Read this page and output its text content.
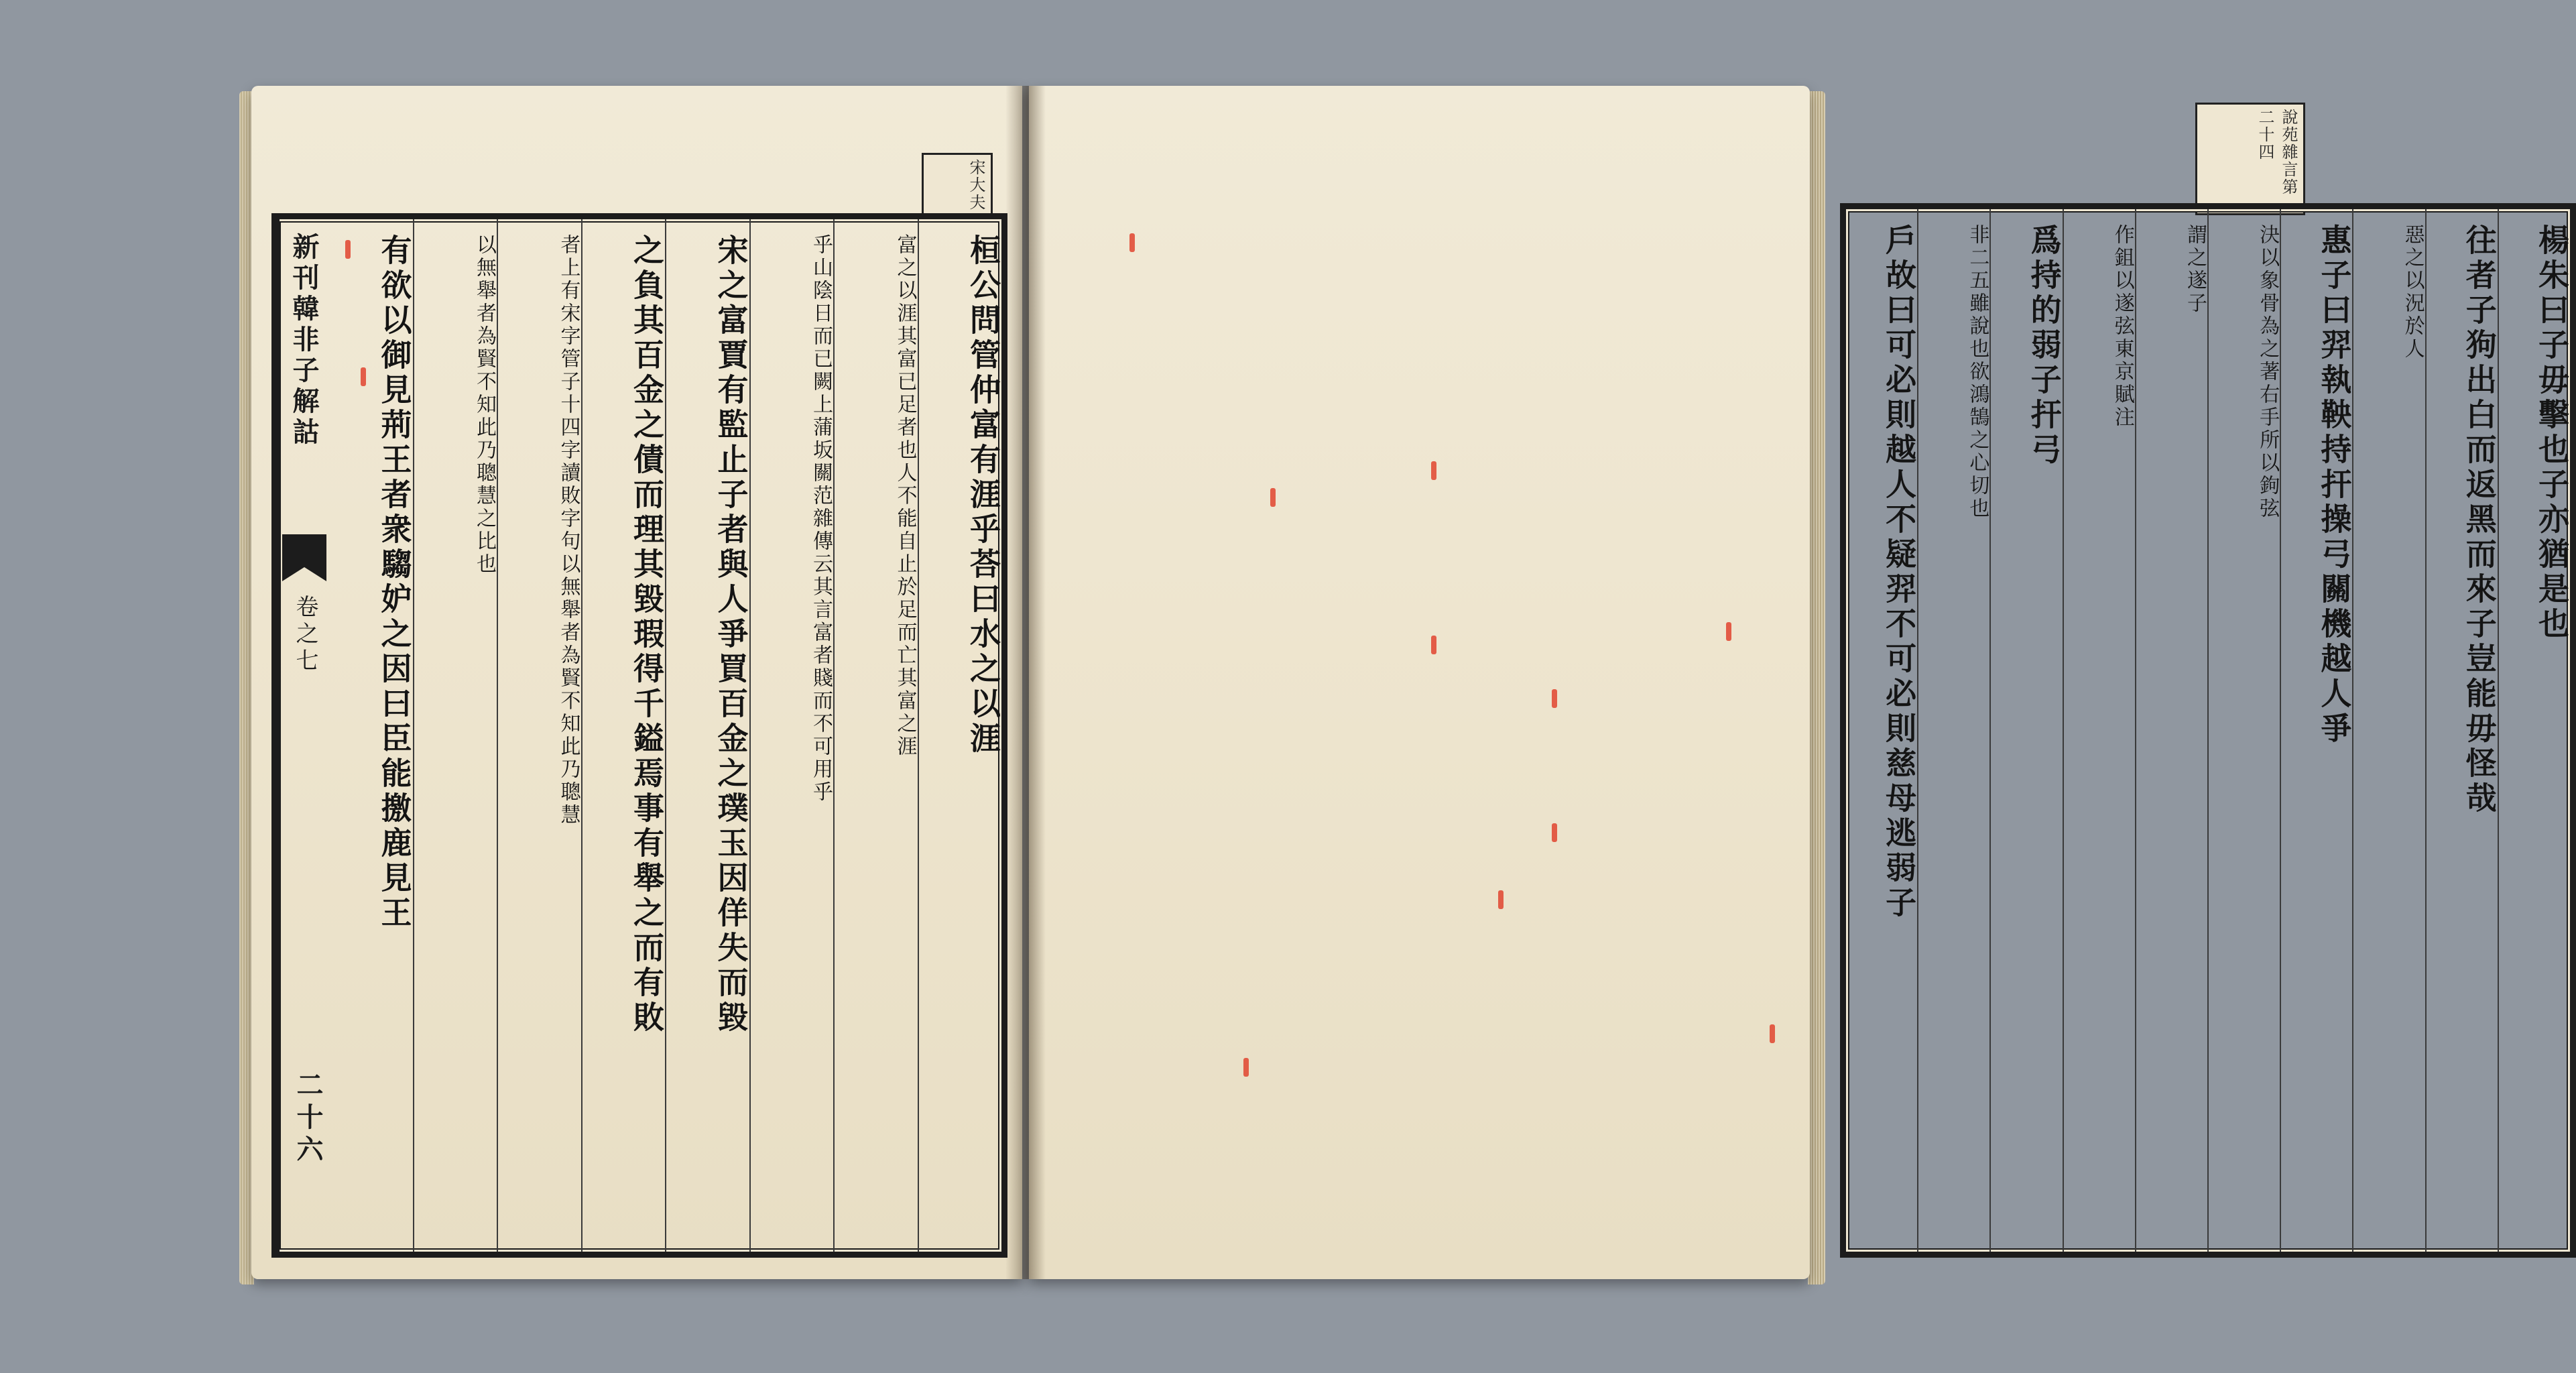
宋大夫
新刊韓非子解詁
卷之七
二十六
桓公問管仲富有涯乎荅曰水之以涯
富之以涯其富已足者也人不能自止於足而亡其富之涯
乎山陰日而已闕上蒲坂關范雜傳云其言富者賤而不可用乎
宋之富賈有監止子者與人爭買百金之璞玉因佯失而毀
之負其百金之債而理其毀瑕得千鎰焉事有舉之而有敗
者上有宋字管子十四字讀敗字句以無舉者為賢不知此乃聰慧
以無舉者為賢不知此乃聰慧之比也
有欲以御見荊王者衆騶妒之因曰臣能撽鹿見王
說苑雜言第二十四
楊朱曰子毋擊也子亦猶是也
往者子狗出白而返黑而來子豈能毋怪哉
惡之以況於人
惠子曰羿執鞅持扞操弓關機越人爭
決以象骨為之著右手所以鉤弦
謂之遂子
作鉏以遂弦東京賦注
爲持的弱子扞弓
非二五雖說也欲鴻鵠之心切也
戶故曰可必則越人不疑羿不可必則慈母逃弱子
